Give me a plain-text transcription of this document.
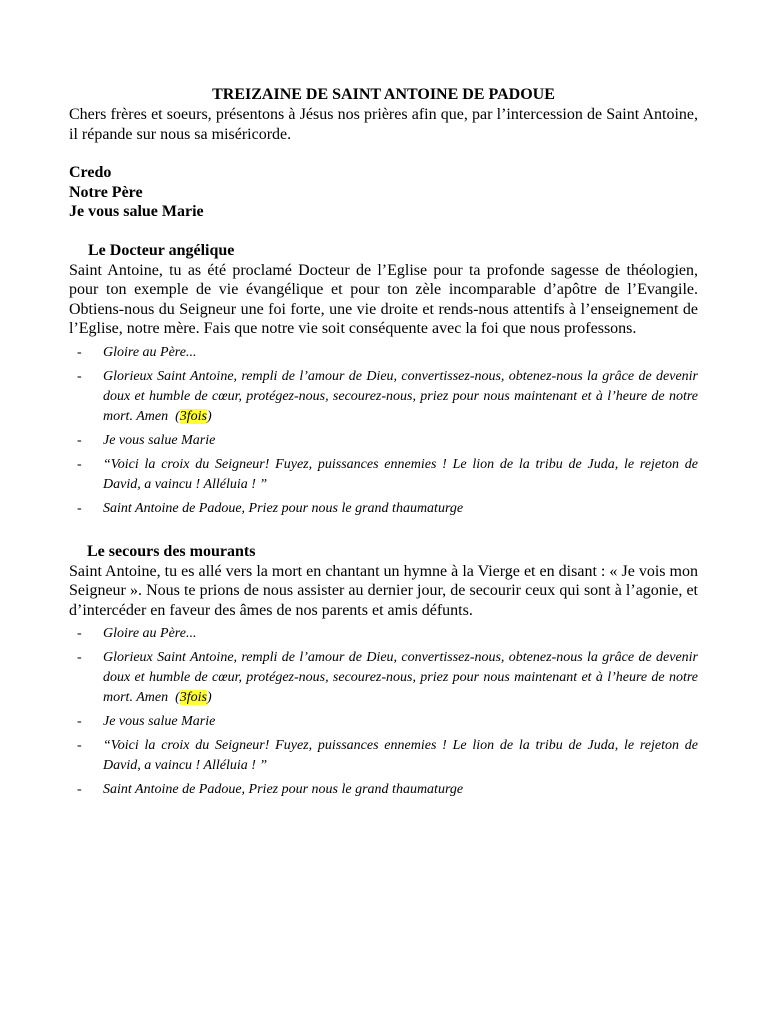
TREIZAINE DE SAINT ANTOINE DE PADOUE

Chers frères et soeurs, présentons à Jésus nos prières afin que, par l’intercession de Saint Antoine, il répande sur nous sa miséricorde.

Credo

Notre Père

Je vous salue Marie

Le Docteur angélique

Saint Antoine, tu as été proclamé Docteur de l’Eglise pour ta profonde sagesse de théologien, pour ton exemple de vie évangélique et pour ton zèle incomparable d’apôtre de l’Evangile. Obtiens-nous du Seigneur une foi forte, une vie droite et rends-nous attentifs à l’enseignement de l’Eglise, notre mère. Fais que notre vie soit conséquente avec la foi que nous professons.

- Gloire au Père...
- Glorieux Saint Antoine, rempli de l’amour de Dieu, convertissez-nous, obtenez-nous la grâce de devenir doux et humble de cœur, protégez-nous, secourez-nous, priez pour nous maintenant et à l’heure de notre mort. Amen (3fois)
- Je vous salue Marie
- “Voici la croix du Seigneur! Fuyez, puissances ennemies ! Le lion de la tribu de Juda, le rejeton de David, a vaincu ! Alléluia ! ”
- Saint Antoine de Padoue, Priez pour nous le grand thaumaturge

Le secours des mourants

Saint Antoine, tu es allé vers la mort en chantant un hymne à la Vierge et en disant : « Je vois mon Seigneur ». Nous te prions de nous assister au dernier jour, de secourir ceux qui sont à l’agonie, et d’intercéder en faveur des âmes de nos parents et amis défunts.

- Gloire au Père...
- Glorieux Saint Antoine, rempli de l’amour de Dieu, convertissez-nous, obtenez-nous la grâce de devenir doux et humble de cœur, protégez-nous, secourez-nous, priez pour nous maintenant et à l’heure de notre mort. Amen (3fois)
- Je vous salue Marie
- “Voici la croix du Seigneur! Fuyez, puissances ennemies ! Le lion de la tribu de Juda, le rejeton de David, a vaincu ! Alléluia ! ”
- Saint Antoine de Padoue, Priez pour nous le grand thaumaturge
